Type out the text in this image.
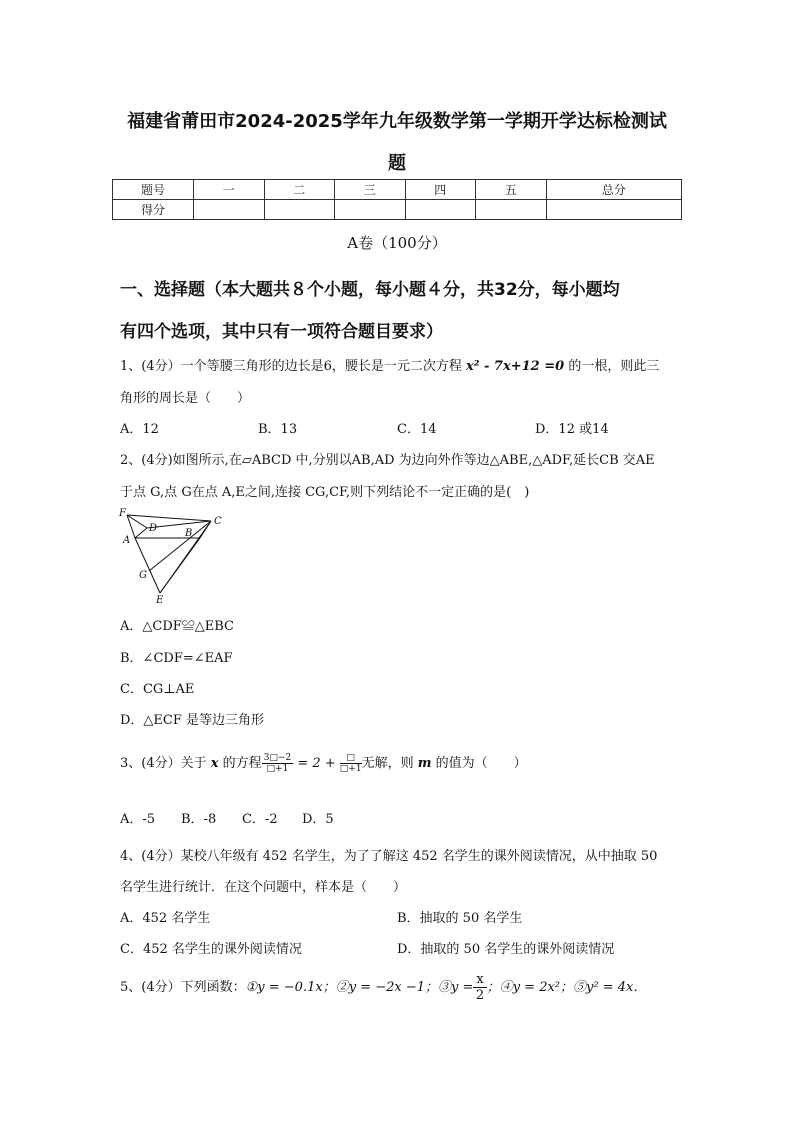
福建省莆田市2024-2025学年九年级数学第一学期开学达标检测试
题
题号	一	二	三	四	五	总分
得分						
A卷（100分）
一、选择题（本大题共８个小题，每小题４分，共32分，每小题均
有四个选项，其中只有一项符合题目要求）
1、(4分）一个等腰三角形的边长是6，腰长是一元二次方程 x² - 7x+12 =0 的一根，则此三
角形的周长是（　　）
A．12	B．13	C．14	D．12 或14
2、(4分)如图所示,在▱ABCD 中,分别以AB,AD 为边向外作等边△ABE,△ADF,延长CB 交AE
于点 G,点 G在点 A,E之间,连接 CG,CF,则下列结论不一定正确的是(　)
F
D
C
A
B
G
E
A．△CDF≌△EBC
B．∠CDF=∠EAF
C．CG⊥AE
D．△ECF 是等边三角形
3、(4分）关于 x 的方程 $\frac{3□-2}{□+1} = 2 + \frac{□}{□+1}$ 无解，则 m 的值为（　　）
A．-5 B．-8 C．-2 D．5
4、(4分）某校八年级有 452 名学生，为了了解这 452 名学生的课外阅读情况，从中抽取 50
名学生进行统计．在这个问题中，样本是（　　）
A．452 名学生	B．抽取的 50 名学生
C．452 名学生的课外阅读情况	D．抽取的 50 名学生的课外阅读情况
5、(4分）下列函数：①y = −0.1x；②y = −2x −1；③y = $\frac{x}{2}$ ；④y = 2x²；⑤y² = 4x．
